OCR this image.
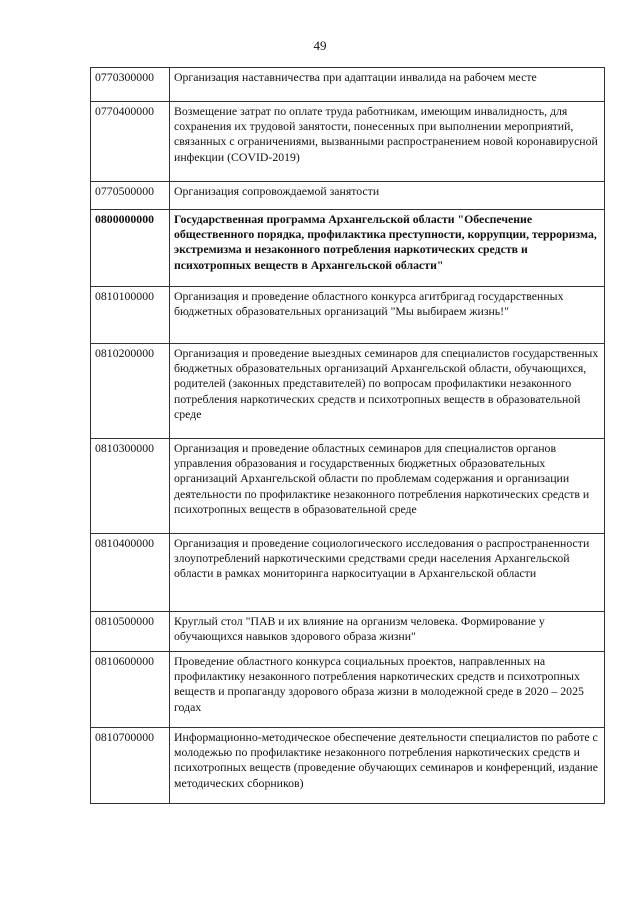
49
0770300000	Организация наставничества при адаптации инвалида на рабочем месте
0770400000	Возмещение затрат по оплате труда работникам, имеющим инвалидность, для сохранения их трудовой занятости, понесенных при выполнении мероприятий, связанных с ограничениями, вызванными распространением новой коронавирусной инфекции (COVID-2019)
0770500000	Организация сопровождаемой занятости
0800000000	Государственная программа Архангельской области "Обеспечение общественного порядка, профилактика преступности, коррупции, терроризма, экстремизма и незаконного потребления наркотических средств и психотропных веществ в Архангельской области"
0810100000	Организация и проведение областного конкурса агитбригад государственных бюджетных образовательных организаций "Мы выбираем жизнь!"
0810200000	Организация и проведение выездных семинаров для специалистов государственных бюджетных образовательных организаций Архангельской области, обучающихся, родителей (законных представителей) по вопросам профилактики незаконного потребления наркотических средств и психотропных веществ в образовательной среде
0810300000	Организация и проведение областных семинаров для специалистов органов управления образования и государственных бюджетных образовательных организаций Архангельской области по проблемам содержания и организации деятельности по профилактике незаконного потребления наркотических средств и психотропных веществ в образовательной среде
0810400000	Организация и проведение социологического исследования о распространенности злоупотреблений наркотическими средствами среди населения Архангельской области в рамках мониторинга наркоситуации в Архангельской области
0810500000	Круглый стол "ПАВ и их влияние на организм человека. Формирование у обучающихся навыков здорового образа жизни"
0810600000	Проведение областного конкурса социальных проектов, направленных на профилактику незаконного потребления наркотических средств и психотропных веществ и пропаганду здорового образа жизни в молодежной среде в 2020 – 2025 годах
0810700000	Информационно-методическое обеспечение деятельности специалистов по работе с молодежью по профилактике незаконного потребления наркотических средств и психотропных веществ (проведение обучающих семинаров и конференций, издание методических сборников)
